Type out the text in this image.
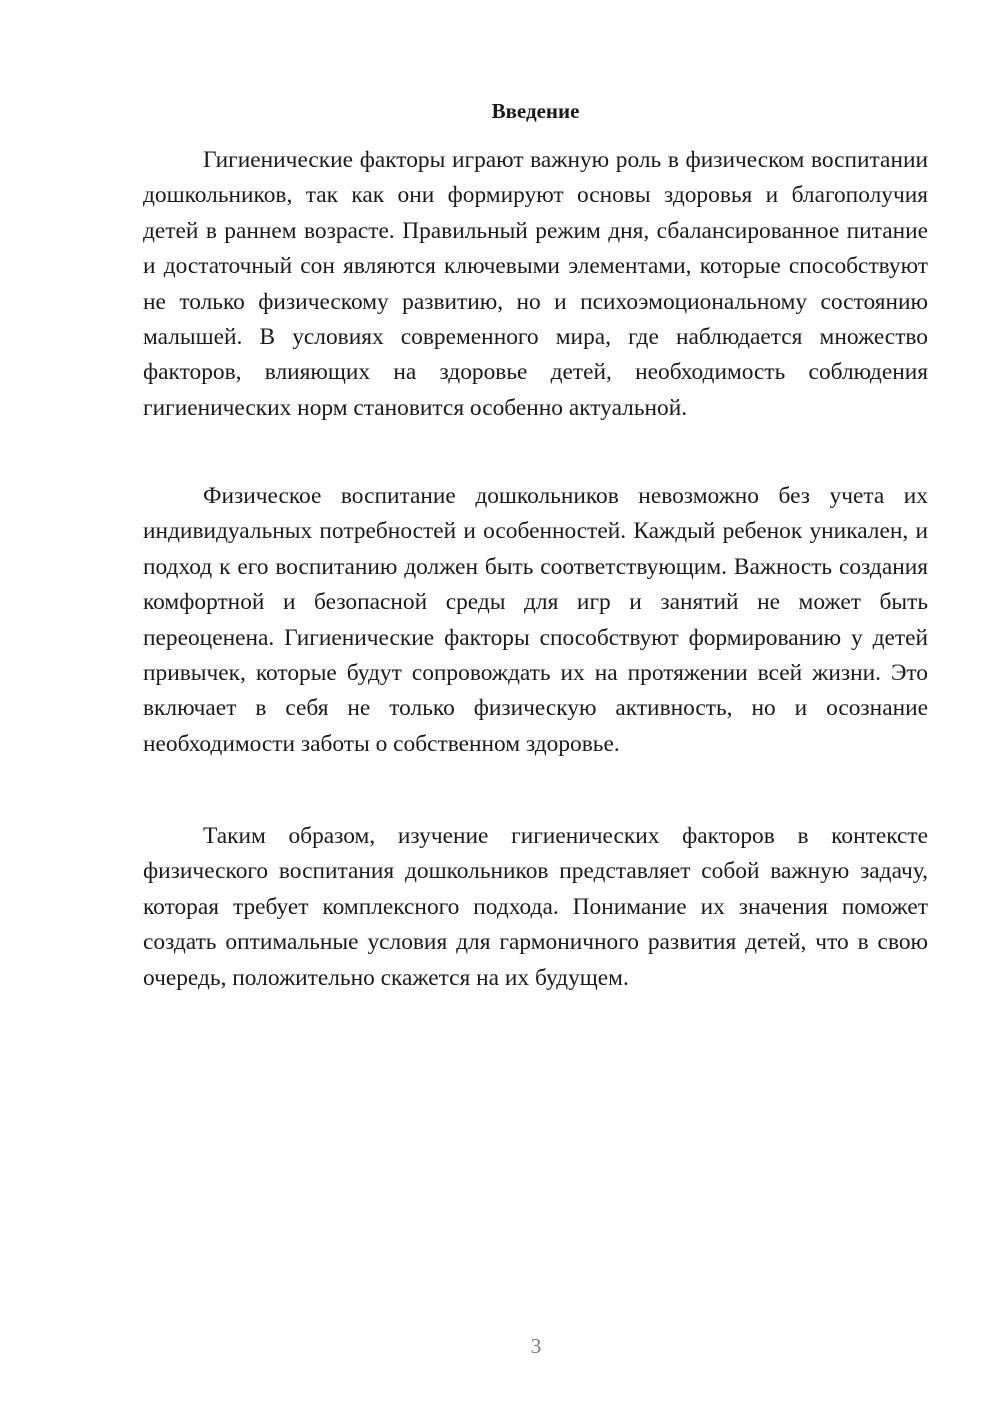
Введение

Гигиенические факторы играют важную роль в физическом воспитании дошкольников, так как они формируют основы здоровья и благополучия детей в раннем возрасте. Правильный режим дня, сбалансированное питание и достаточный сон являются ключевыми элементами, которые способствуют не только физическому развитию, но и психоэмоциональному состоянию малышей. В условиях современного мира, где наблюдается множество факторов, влияющих на здоровье детей, необходимость соблюдения гигиенических норм становится особенно актуальной.

Физическое воспитание дошкольников невозможно без учета их индивидуальных потребностей и особенностей. Каждый ребенок уникален, и подход к его воспитанию должен быть соответствующим. Важность создания комфортной и безопасной среды для игр и занятий не может быть переоценена. Гигиенические факторы способствуют формированию у детей привычек, которые будут сопровождать их на протяжении всей жизни. Это включает в себя не только физическую активность, но и осознание необходимости заботы о собственном здоровье.

Таким образом, изучение гигиенических факторов в контексте физического воспитания дошкольников представляет собой важную задачу, которая требует комплексного подхода. Понимание их значения поможет создать оптимальные условия для гармоничного развития детей, что в свою очередь, положительно скажется на их будущем.

3
